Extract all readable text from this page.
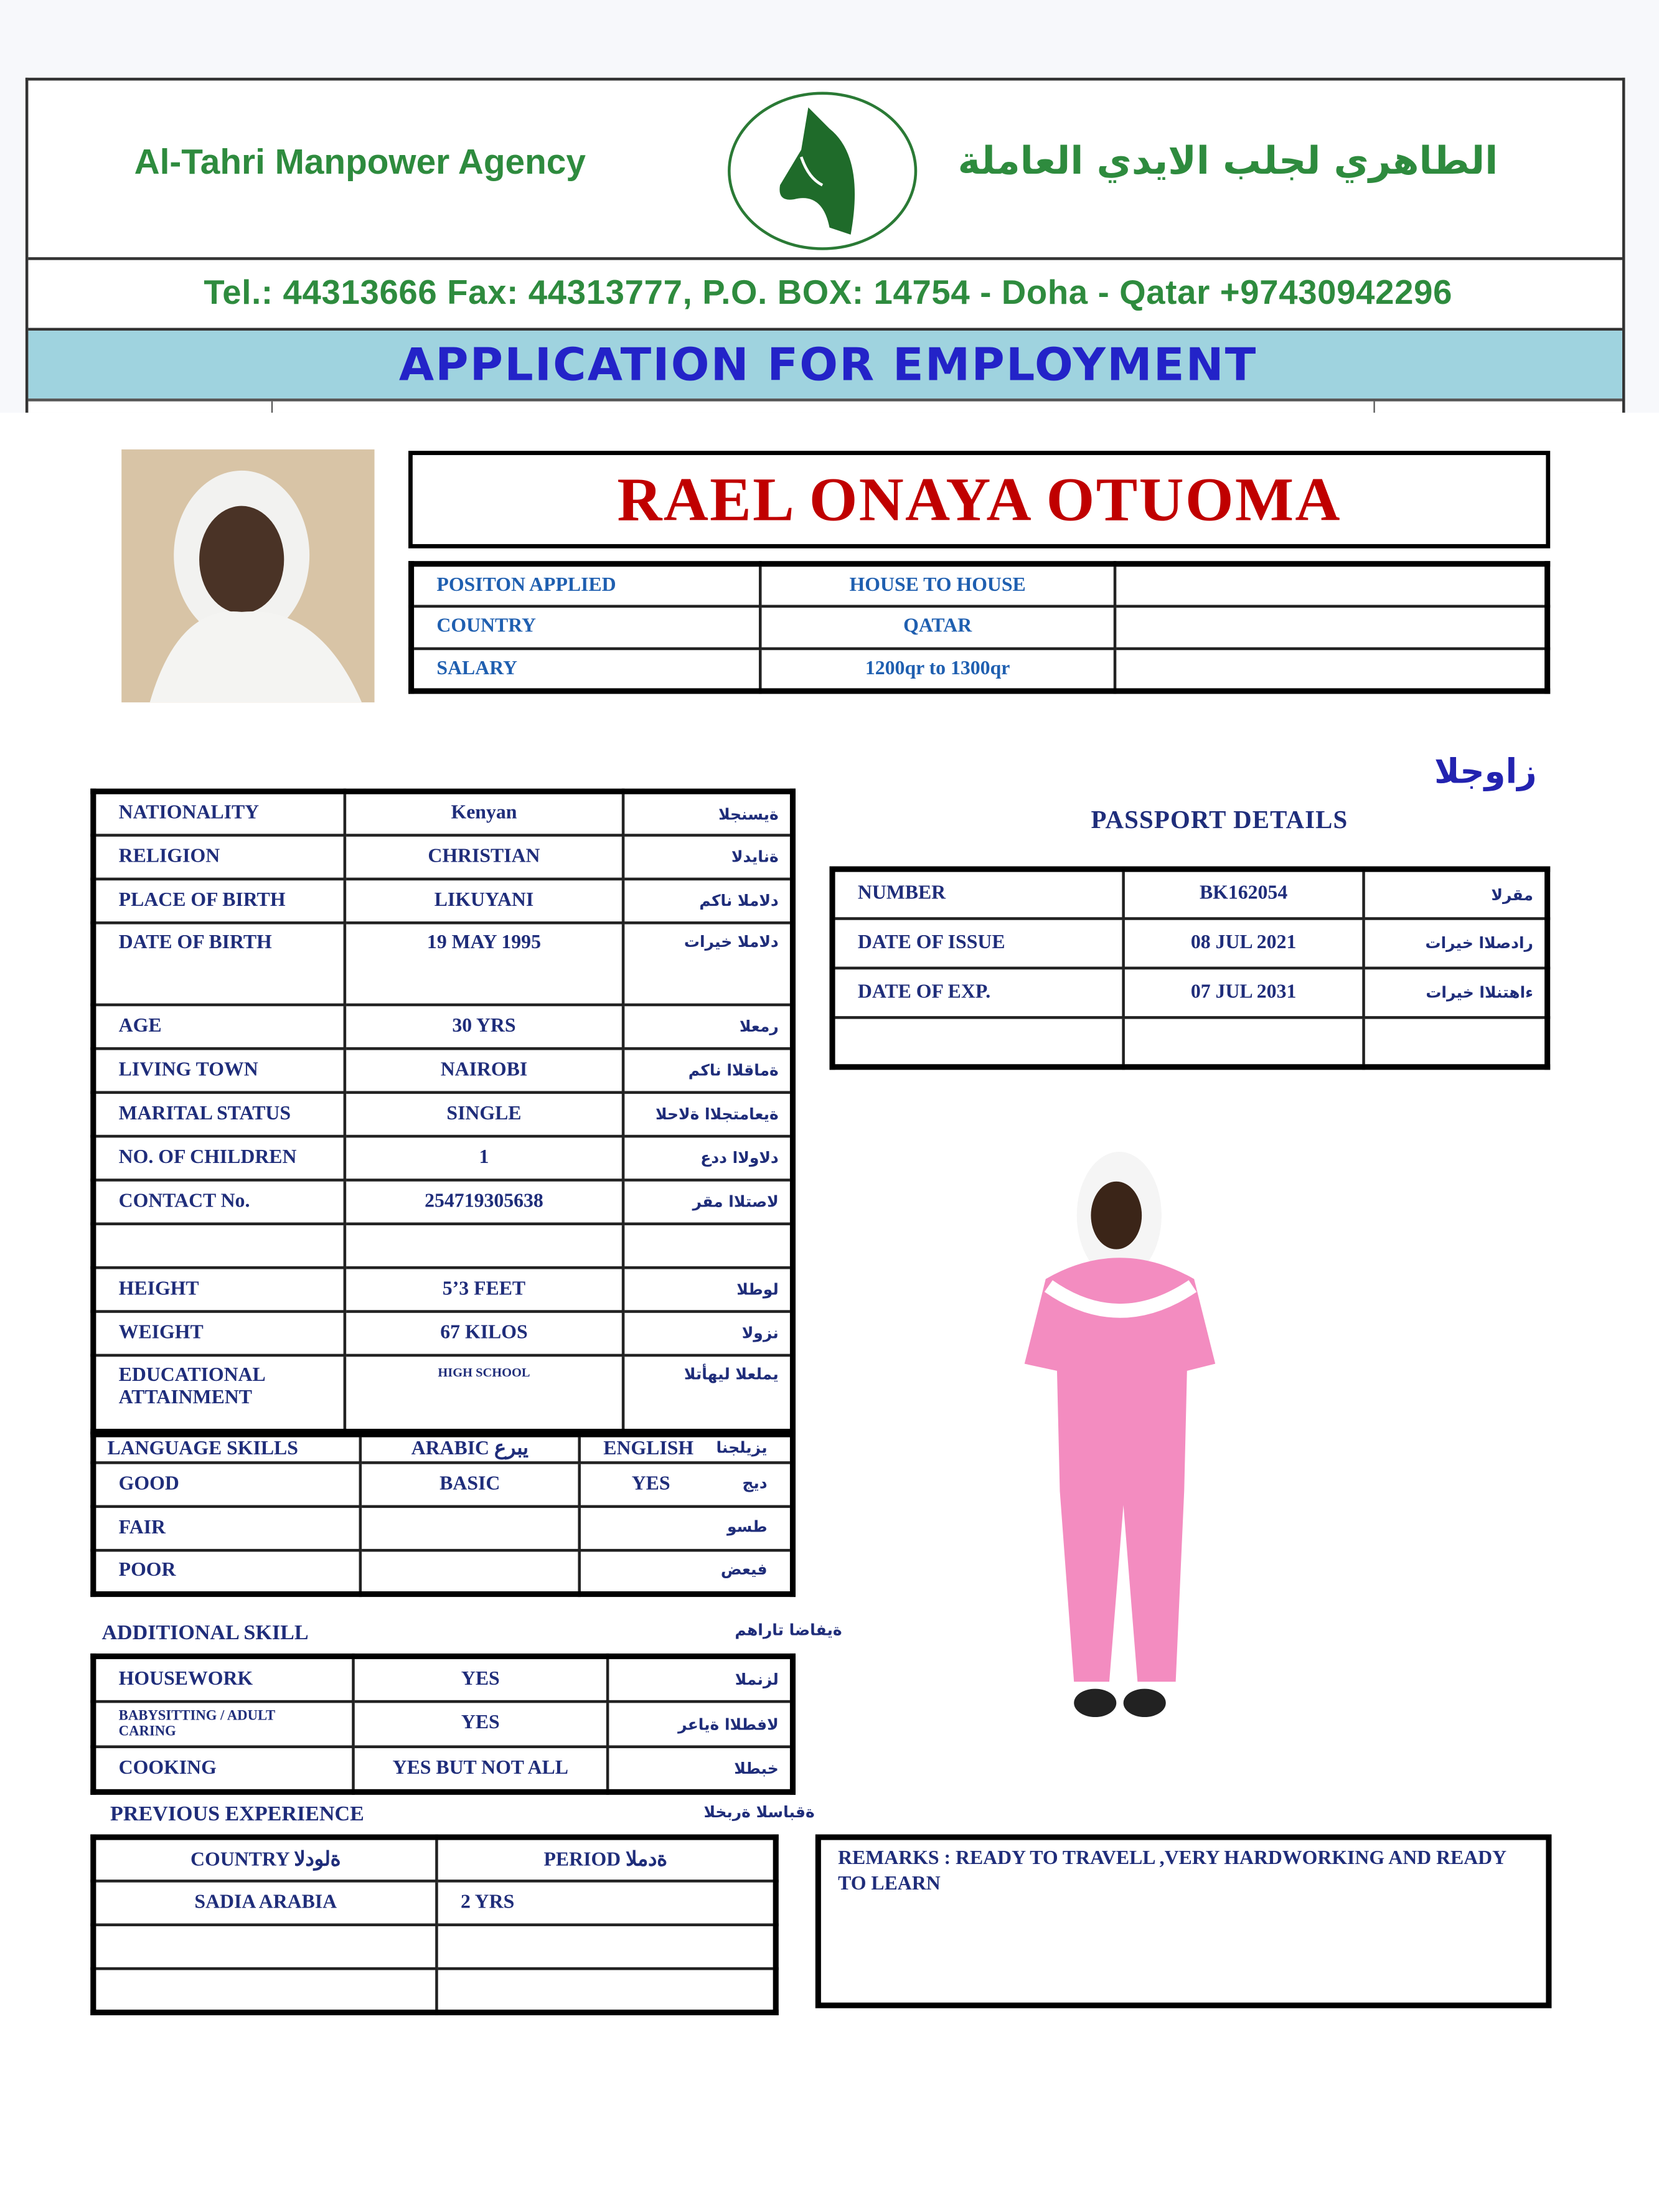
Al-Tahri Manpower Agency	الطاهري لجلب الايدي العاملة
Tel.: 44313666 Fax: 44313777, P.O. BOX: 14754 - Doha - Qatar +97430942296
APPLICATION FOR EMPLOYMENT
RAEL ONAYA OTUOMA
POSITON APPLIED	HOUSE TO HOUSE	
COUNTRY	QATAR	
SALARY	1200qr to 1300qr	
NATIONALITY	Kenyan	ةيسنجلا
RELIGION	CHRISTIAN	ةنايدلا
PLACE OF BIRTH	LIKUYANI	دلاملا ناكم
DATE OF BIRTH	19 MAY 1995	دلاملا خيرات
AGE	30 YRS	رمعلا
LIVING TOWN	NAIROBI	ةماقلاا ناكم
MARITAL STATUS	SINGLE	ةيعامتجلاا ةلاحلا
NO. OF CHILDREN	1	دلاولاا ددع
CONTACT No.	254719305638	لاصتلاا مقر

HEIGHT	5’3 FEET	لوطلا
WEIGHT	67 KILOS	نزولا
EDUCATIONAL ATTAINMENT	HIGH SCHOOL	يملعلا ليهأتلا
LANGUAGE SKILLS	ARABIC يبرع	ENGLISH يزيلجنا

GOOD	BASIC	YES ديج

FAIR		طسو

POOR		فيعض
ADDITIONAL SKILL	ةيفاضا تاراهم
HOUSEWORK	YES	لزنملا
BABYSITTING / ADULT CARING	YES	لافطلاا ةياعر
COOKING	YES BUT NOT ALL	خبطلا
PREVIOUS EXPERIENCE	ةقباسلا ةربخلا
COUNTRY ةلودلا	PERIOD ةدملا
SADIA ARABIA	2 YRS

زاوجلا
PASSPORT DETAILS
NUMBER	BK162054	مقرلا
DATE OF ISSUE	08 JUL 2021	رادصلاا خيرات
DATE OF EXP.	07 JUL 2031	ءاهتنلاا خيرات

REMARKS : READY TO TRAVELL ,VERY HARDWORKING AND READY TO LEARN
